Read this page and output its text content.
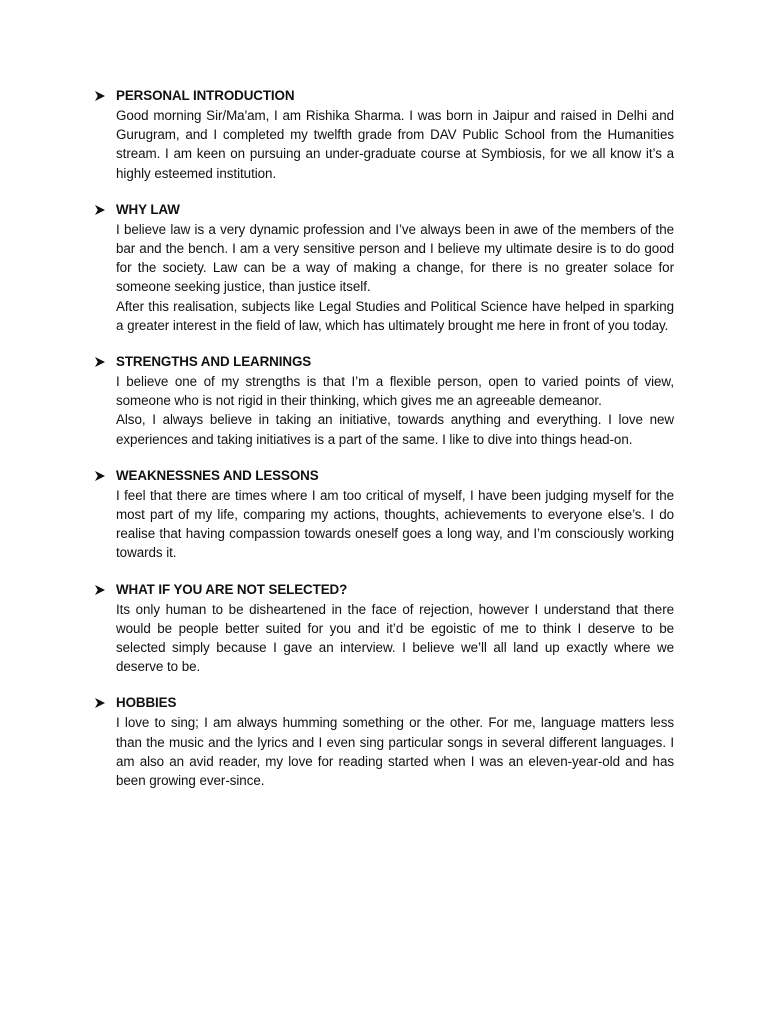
PERSONAL INTRODUCTION

Good morning Sir/Ma'am, I am Rishika Sharma. I was born in Jaipur and raised in Delhi and Gurugram, and I completed my twelfth grade from DAV Public School from the Humanities stream. I am keen on pursuing an under-graduate course at Symbiosis, for we all know it’s a highly esteemed institution.

WHY LAW

I believe law is a very dynamic profession and I’ve always been in awe of the members of the bar and the bench. I am a very sensitive person and I believe my ultimate desire is to do good for the society. Law can be a way of making a change, for there is no greater solace for someone seeking justice, than justice itself.

After this realisation, subjects like Legal Studies and Political Science have helped in sparking a greater interest in the field of law, which has ultimately brought me here in front of you today.

STRENGTHS AND LEARNINGS

I believe one of my strengths is that I’m a flexible person, open to varied points of view, someone who is not rigid in their thinking, which gives me an agreeable demeanor.

Also, I always believe in taking an initiative, towards anything and everything. I love new experiences and taking initiatives is a part of the same. I like to dive into things head-on.

WEAKNESSNES AND LESSONS

I feel that there are times where I am too critical of myself, I have been judging myself for the most part of my life, comparing my actions, thoughts, achievements to everyone else’s. I do realise that having compassion towards oneself goes a long way, and I’m consciously working towards it.

WHAT IF YOU ARE NOT SELECTED?

Its only human to be disheartened in the face of rejection, however I understand that there would be people better suited for you and it’d be egoistic of me to think I deserve to be selected simply because I gave an interview. I believe we’ll all land up exactly where we deserve to be.

HOBBIES

I love to sing; I am always humming something or the other. For me, language matters less than the music and the lyrics and I even sing particular songs in several different languages. I am also an avid reader, my love for reading started when I was an eleven-year-old and has been growing ever-since.
